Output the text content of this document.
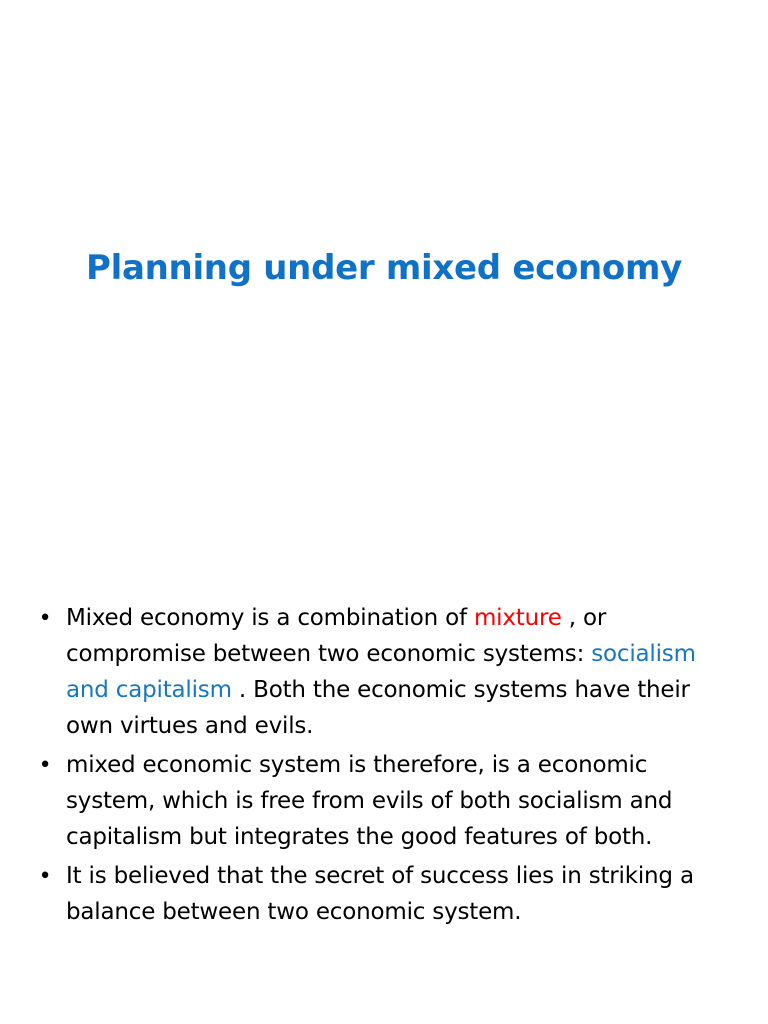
Planning under mixed economy
•
Mixed economy is a combination of mixture , or compromise between two economic systems: socialism and capitalism . Both the economic systems have their own virtues and evils.
•
mixed economic system is therefore, is a economic system, which is free from evils of both socialism and capitalism but integrates the good features of both.
•
It is believed that the secret of success lies in striking a balance between two economic system.
